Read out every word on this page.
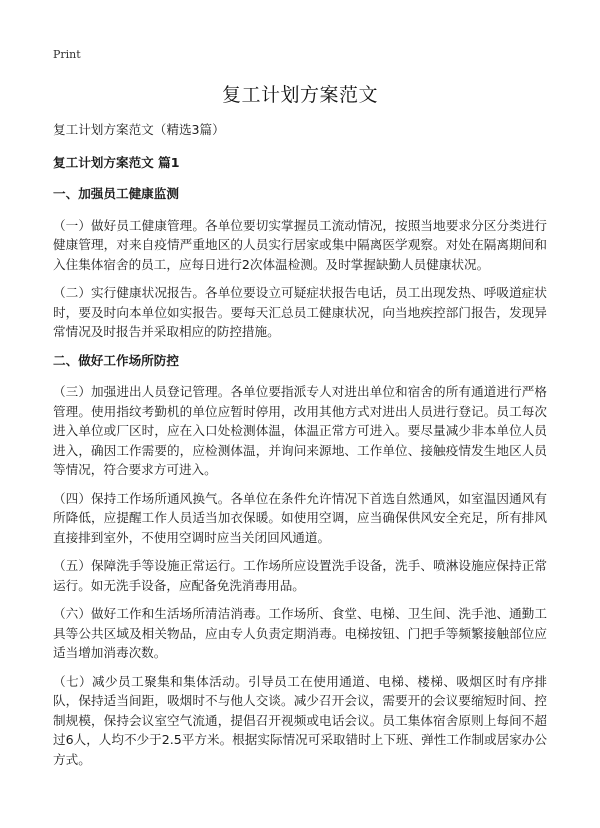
Print
复工计划方案范文
复工计划方案范文（精选3篇）
复工计划方案范文 篇1
一、加强员工健康监测
（一）做好员工健康管理。各单位要切实掌握员工流动情况，按照当地要求分区分类进行健康管理，对来自疫情严重地区的人员实行居家或集中隔离医学观察。对处在隔离期间和入住集体宿舍的员工，应每日进行2次体温检测。及时掌握缺勤人员健康状况。
（二）实行健康状况报告。各单位要设立可疑症状报告电话，员工出现发热、呼吸道症状时，要及时向本单位如实报告。要每天汇总员工健康状况，向当地疾控部门报告，发现异常情况及时报告并采取相应的防控措施。
二、做好工作场所防控
（三）加强进出人员登记管理。各单位要指派专人对进出单位和宿舍的所有通道进行严格管理。使用指纹考勤机的单位应暂时停用，改用其他方式对进出人员进行登记。员工每次进入单位或厂区时，应在入口处检测体温，体温正常方可进入。要尽量减少非本单位人员进入，确因工作需要的，应检测体温，并询问来源地、工作单位、接触疫情发生地区人员等情况，符合要求方可进入。
（四）保持工作场所通风换气。各单位在条件允许情况下首选自然通风，如室温因通风有所降低，应提醒工作人员适当加衣保暖。如使用空调，应当确保供风安全充足，所有排风直接排到室外，不使用空调时应当关闭回风通道。
（五）保障洗手等设施正常运行。工作场所应设置洗手设备，洗手、喷淋设施应保持正常运行。如无洗手设备，应配备免洗消毒用品。
（六）做好工作和生活场所清洁消毒。工作场所、食堂、电梯、卫生间、洗手池、通勤工具等公共区域及相关物品，应由专人负责定期消毒。电梯按钮、门把手等频繁接触部位应适当增加消毒次数。
（七）减少员工聚集和集体活动。引导员工在使用通道、电梯、楼梯、吸烟区时有序排队，保持适当间距，吸烟时不与他人交谈。减少召开会议，需要开的会议要缩短时间、控制规模，保持会议室空气流通，提倡召开视频或电话会议。员工集体宿舍原则上每间不超过6人，人均不少于2.5平方米。根据实际情况可采取错时上下班、弹性工作制或居家办公方式。
